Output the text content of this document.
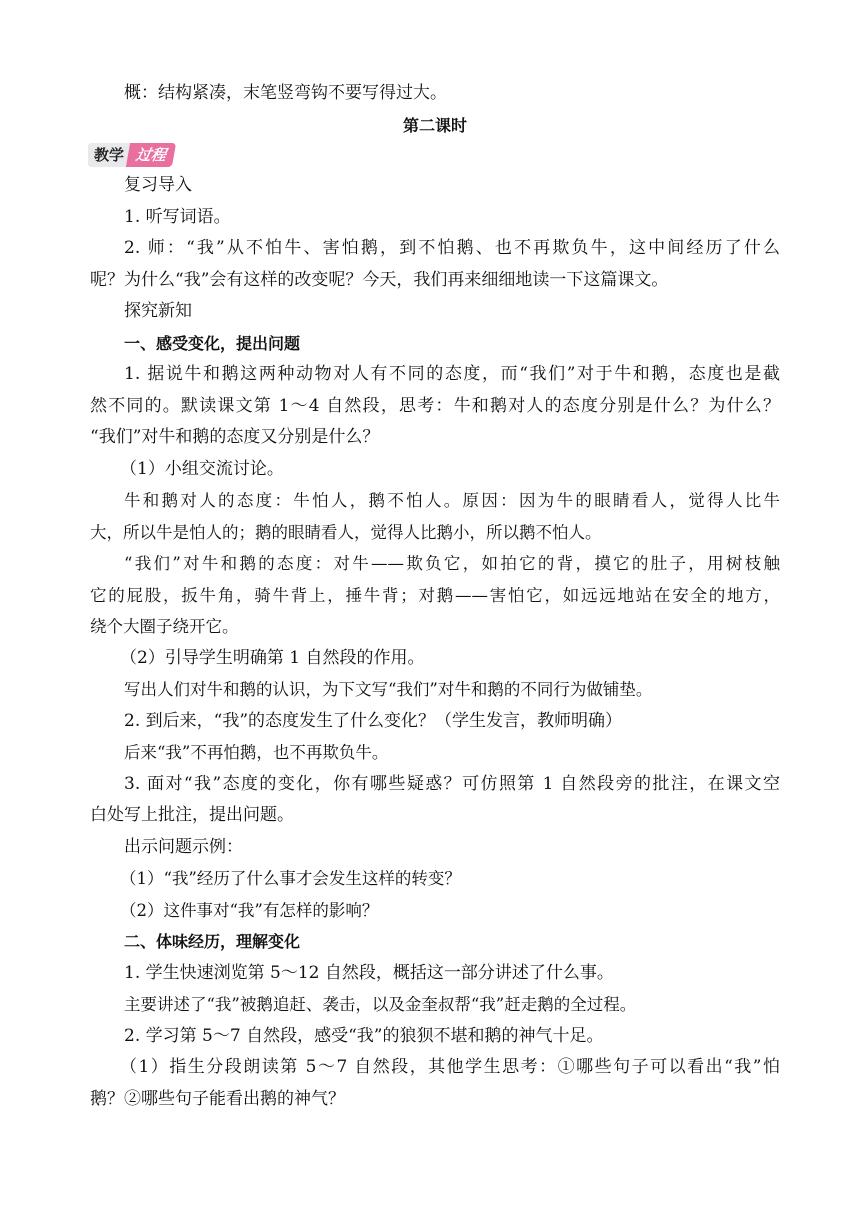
概：结构紧凑，末笔竖弯钩不要写得过大。
第二课时
教学 过程
复习导入
1. 听写词语。
2. 师：“我”从不怕牛、害怕鹅，到不怕鹅、也不再欺负牛，这中间经历了什么
呢？为什么“我”会有这样的改变呢？今天，我们再来细细地读一下这篇课文。
探究新知
一、感受变化，提出问题
1. 据说牛和鹅这两种动物对人有不同的态度，而“我们”对于牛和鹅，态度也是截
然不同的。默读课文第 1～4 自然段，思考：牛和鹅对人的态度分别是什么？为什么？
“我们”对牛和鹅的态度又分别是什么？
（1）小组交流讨论。
牛和鹅对人的态度：牛怕人，鹅不怕人。原因：因为牛的眼睛看人，觉得人比牛
大，所以牛是怕人的；鹅的眼睛看人，觉得人比鹅小，所以鹅不怕人。
“我们”对牛和鹅的态度：对牛——欺负它，如拍它的背，摸它的肚子，用树枝触
它的屁股，扳牛角，骑牛背上，捶牛背；对鹅——害怕它，如远远地站在安全的地方，
绕个大圈子绕开它。
（2）引导学生明确第 1 自然段的作用。
写出人们对牛和鹅的认识，为下文写“我们”对牛和鹅的不同行为做铺垫。
2. 到后来，“我”的态度发生了什么变化？（学生发言，教师明确）
后来“我”不再怕鹅，也不再欺负牛。
3. 面对“我”态度的变化，你有哪些疑惑？可仿照第 1 自然段旁的批注，在课文空
白处写上批注，提出问题。
出示问题示例：
（1）“我”经历了什么事才会发生这样的转变？
（2）这件事对“我”有怎样的影响？
二、体味经历，理解变化
1. 学生快速浏览第 5～12 自然段，概括这一部分讲述了什么事。
主要讲述了“我”被鹅追赶、袭击，以及金奎叔帮“我”赶走鹅的全过程。
2. 学习第 5～7 自然段，感受“我”的狼狈不堪和鹅的神气十足。
（1）指生分段朗读第 5～7 自然段，其他学生思考：①哪些句子可以看出“我”怕
鹅？②哪些句子能看出鹅的神气？
